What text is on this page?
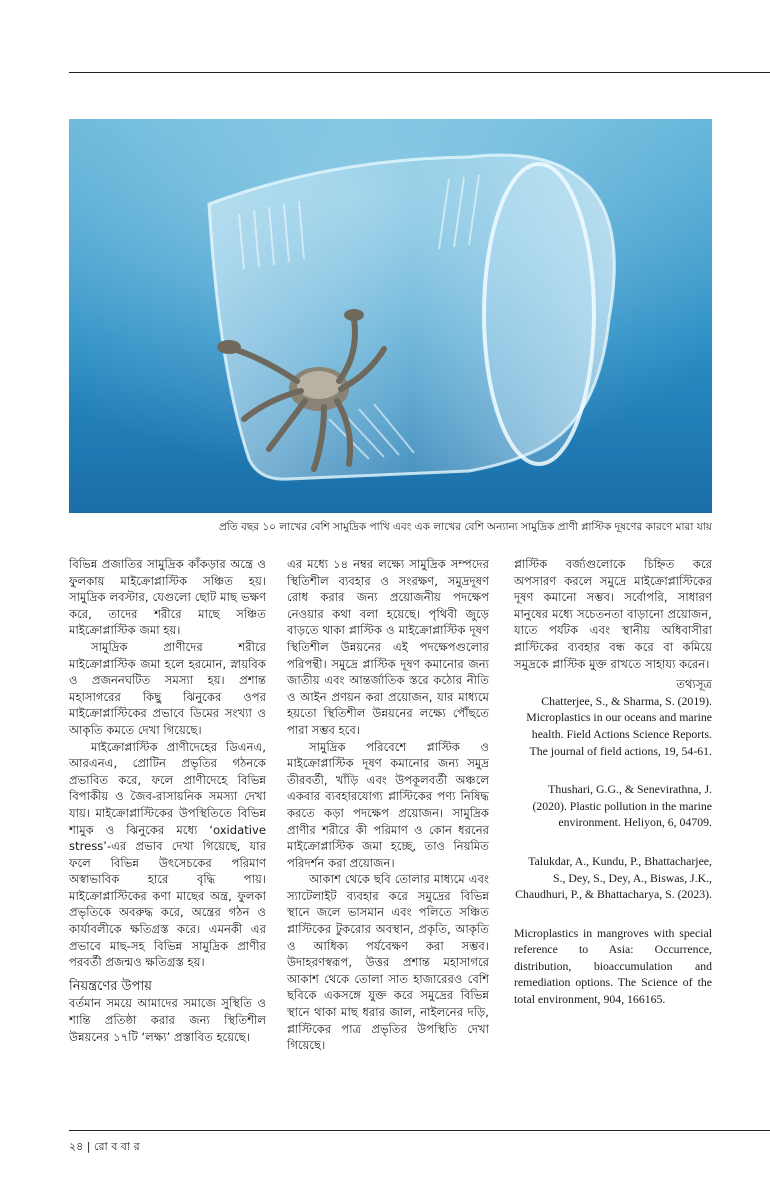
প্রতি বছর ১০ লাখের বেশি সামুদ্রিক পাখি এবং এক লাখের বেশি অন্যান্য সামুদ্রিক প্রাণী প্লাস্টিক দূষণের কারণে মারা যায়

বিভিন্ন প্রজাতির সামুদ্রিক কাঁকড়ার অন্ত্রে ও ফুলকায় মাইক্রোপ্লাস্টিক সঞ্চিত হয়। সামুদ্রিক লবস্টার, যেগুলো ছোট মাছ ভক্ষণ করে, তাদের শরীরে মাছে সঞ্চিত মাইক্রোপ্লাস্টিক জমা হয়।

সামুদ্রিক প্রাণীদের শরীরে মাইক্রোপ্লাস্টিক জমা হলে হরমোন, স্নায়বিক ও প্রজননঘটিত সমস্যা হয়। প্রশান্ত মহাসাগরের কিছু ঝিনুকের ওপর মাইক্রোপ্লাস্টিকের প্রভাবে ডিমের সংখ্যা ও আকৃতি কমতে দেখা গিয়েছে।

মাইক্রোপ্লাস্টিক প্রাণীদেহের ডিএনএ, আরএনএ, প্রোটিন প্রভৃতির গঠনকে প্রভাবিত করে, ফলে প্রাণীদেহে বিভিন্ন বিপাকীয় ও জৈব-রাসায়নিক সমস্যা দেখা যায়। মাইক্রোপ্লাস্টিকের উপস্থিতিতে বিভিন্ন শামুক ও ঝিনুকের মধ্যে ‘oxidative stress’-এর প্রভাব দেখা গিয়েছে, যার ফলে বিভিন্ন উৎসেচকের পরিমাণ অস্বাভাবিক হারে বৃদ্ধি পায়। মাইক্রোপ্লাস্টিকের কণা মাছের অন্ত্র, ফুলকা প্রভৃতিকে অবরুদ্ধ করে, অন্ত্রের গঠন ও কার্যাবলীকে ক্ষতিগ্রস্ত করে। এমনকী এর প্রভাবে মাছ-সহ বিভিন্ন সামুদ্রিক প্রাণীর পরবর্তী প্রজন্মও ক্ষতিগ্রস্ত হয়।

নিয়ন্ত্রণের উপায়

বর্তমান সময়ে আমাদের সমাজে সুস্থিতি ও শান্তি প্রতিষ্ঠা করার জন্য স্থিতিশীল উন্নয়নের ১৭টি ‘লক্ষ্য’ প্রস্তাবিত হয়েছে।

এর মধ্যে ১৪ নম্বর লক্ষ্যে সামুদ্রিক সম্পদের স্থিতিশীল ব্যবহার ও সংরক্ষণ, সমুদ্রদূষণ রোধ করার জন্য প্রয়োজনীয় পদক্ষেপ নেওয়ার কথা বলা হয়েছে। পৃথিবী জুড়ে বাড়তে থাকা প্লাস্টিক ও মাইক্রোপ্লাস্টিক দূষণ স্থিতিশীল উন্নয়নের এই পদক্ষেপগুলোর পরিপন্থী। সমুদ্রে প্লাস্টিক দূষণ কমানোর জন্য জাতীয় এবং আন্তর্জাতিক স্তরে কঠোর নীতি ও আইন প্রণয়ন করা প্রয়োজন, যার মাধ্যমে হয়তো স্থিতিশীল উন্নয়নের লক্ষ্যে পৌঁছতে পারা সম্ভব হবে।

সামুদ্রিক পরিবেশে প্লাস্টিক ও মাইক্রোপ্লাস্টিক দূষণ কমানোর জন্য সমুদ্র তীরবর্তী, খাঁড়ি এবং উপকূলবর্তী অঞ্চলে একবার ব্যবহারযোগ্য প্লাস্টিকের পণ্য নিষিদ্ধ করতে কড়া পদক্ষেপ প্রয়োজন। সামুদ্রিক প্রাণীর শরীরে কী পরিমাণ ও কোন ধরনের মাইক্রোপ্লাস্টিক জমা হচ্ছে, তাও নিয়মিত পরিদর্শন করা প্রয়োজন।

আকাশ থেকে ছবি তোলার মাধ্যমে এবং স্যাটেলাইট ব্যবহার করে সমুদ্রের বিভিন্ন স্থানে জলে ভাসমান এবং পলিতে সঞ্চিত প্লাস্টিকের টুকরোর অবস্থান, প্রকৃতি, আকৃতি ও আধিক্য পর্যবেক্ষণ করা সম্ভব। উদাহরণস্বরূপ, উত্তর প্রশান্ত মহাসাগরে আকাশ থেকে তোলা সাত হাজারেরও বেশি ছবিকে একসঙ্গে যুক্ত করে সমুদ্রের বিভিন্ন স্থানে থাকা মাছ ধরার জাল, নাইলনের দড়ি, প্লাস্টিকের পাত্র প্রভৃতির উপস্থিতি দেখা গিয়েছে।

প্লাস্টিক বর্জ্যগুলোকে চিহ্নিত করে অপসারণ করলে সমুদ্রে মাইক্রোপ্লাস্টিকের দূষণ কমানো সম্ভব। সর্বোপরি, সাধারণ মানুষের মধ্যে সচেতনতা বাড়ানো প্রয়োজন, যাতে পর্যটক এবং স্থানীয় অধিবাসীরা প্লাস্টিকের ব্যবহার বন্ধ করে বা কমিয়ে সমুদ্রকে প্লাস্টিক মুক্ত রাখতে সাহায্য করেন।

তথ্যসূত্র

Chatterjee, S., & Sharma, S. (2019). Microplastics in our oceans and marine health. Field Actions Science Reports. The journal of field actions, 19, 54-61.

Thushari, G.G., & Senevirathna, J. (2020). Plastic pollution in the marine environment. Heliyon, 6, 04709.

Talukdar, A., Kundu, P., Bhattacharjee, S., Dey, S., Dey, A., Biswas, J.K., Chaudhuri, P., & Bhattacharya, S. (2023).

Microplastics in mangroves with special reference to Asia: Occurrence, distribution, bioaccumulation and remediation options. The Science of the total environment, 904, 166165.

২৪ | রো ব বা র
